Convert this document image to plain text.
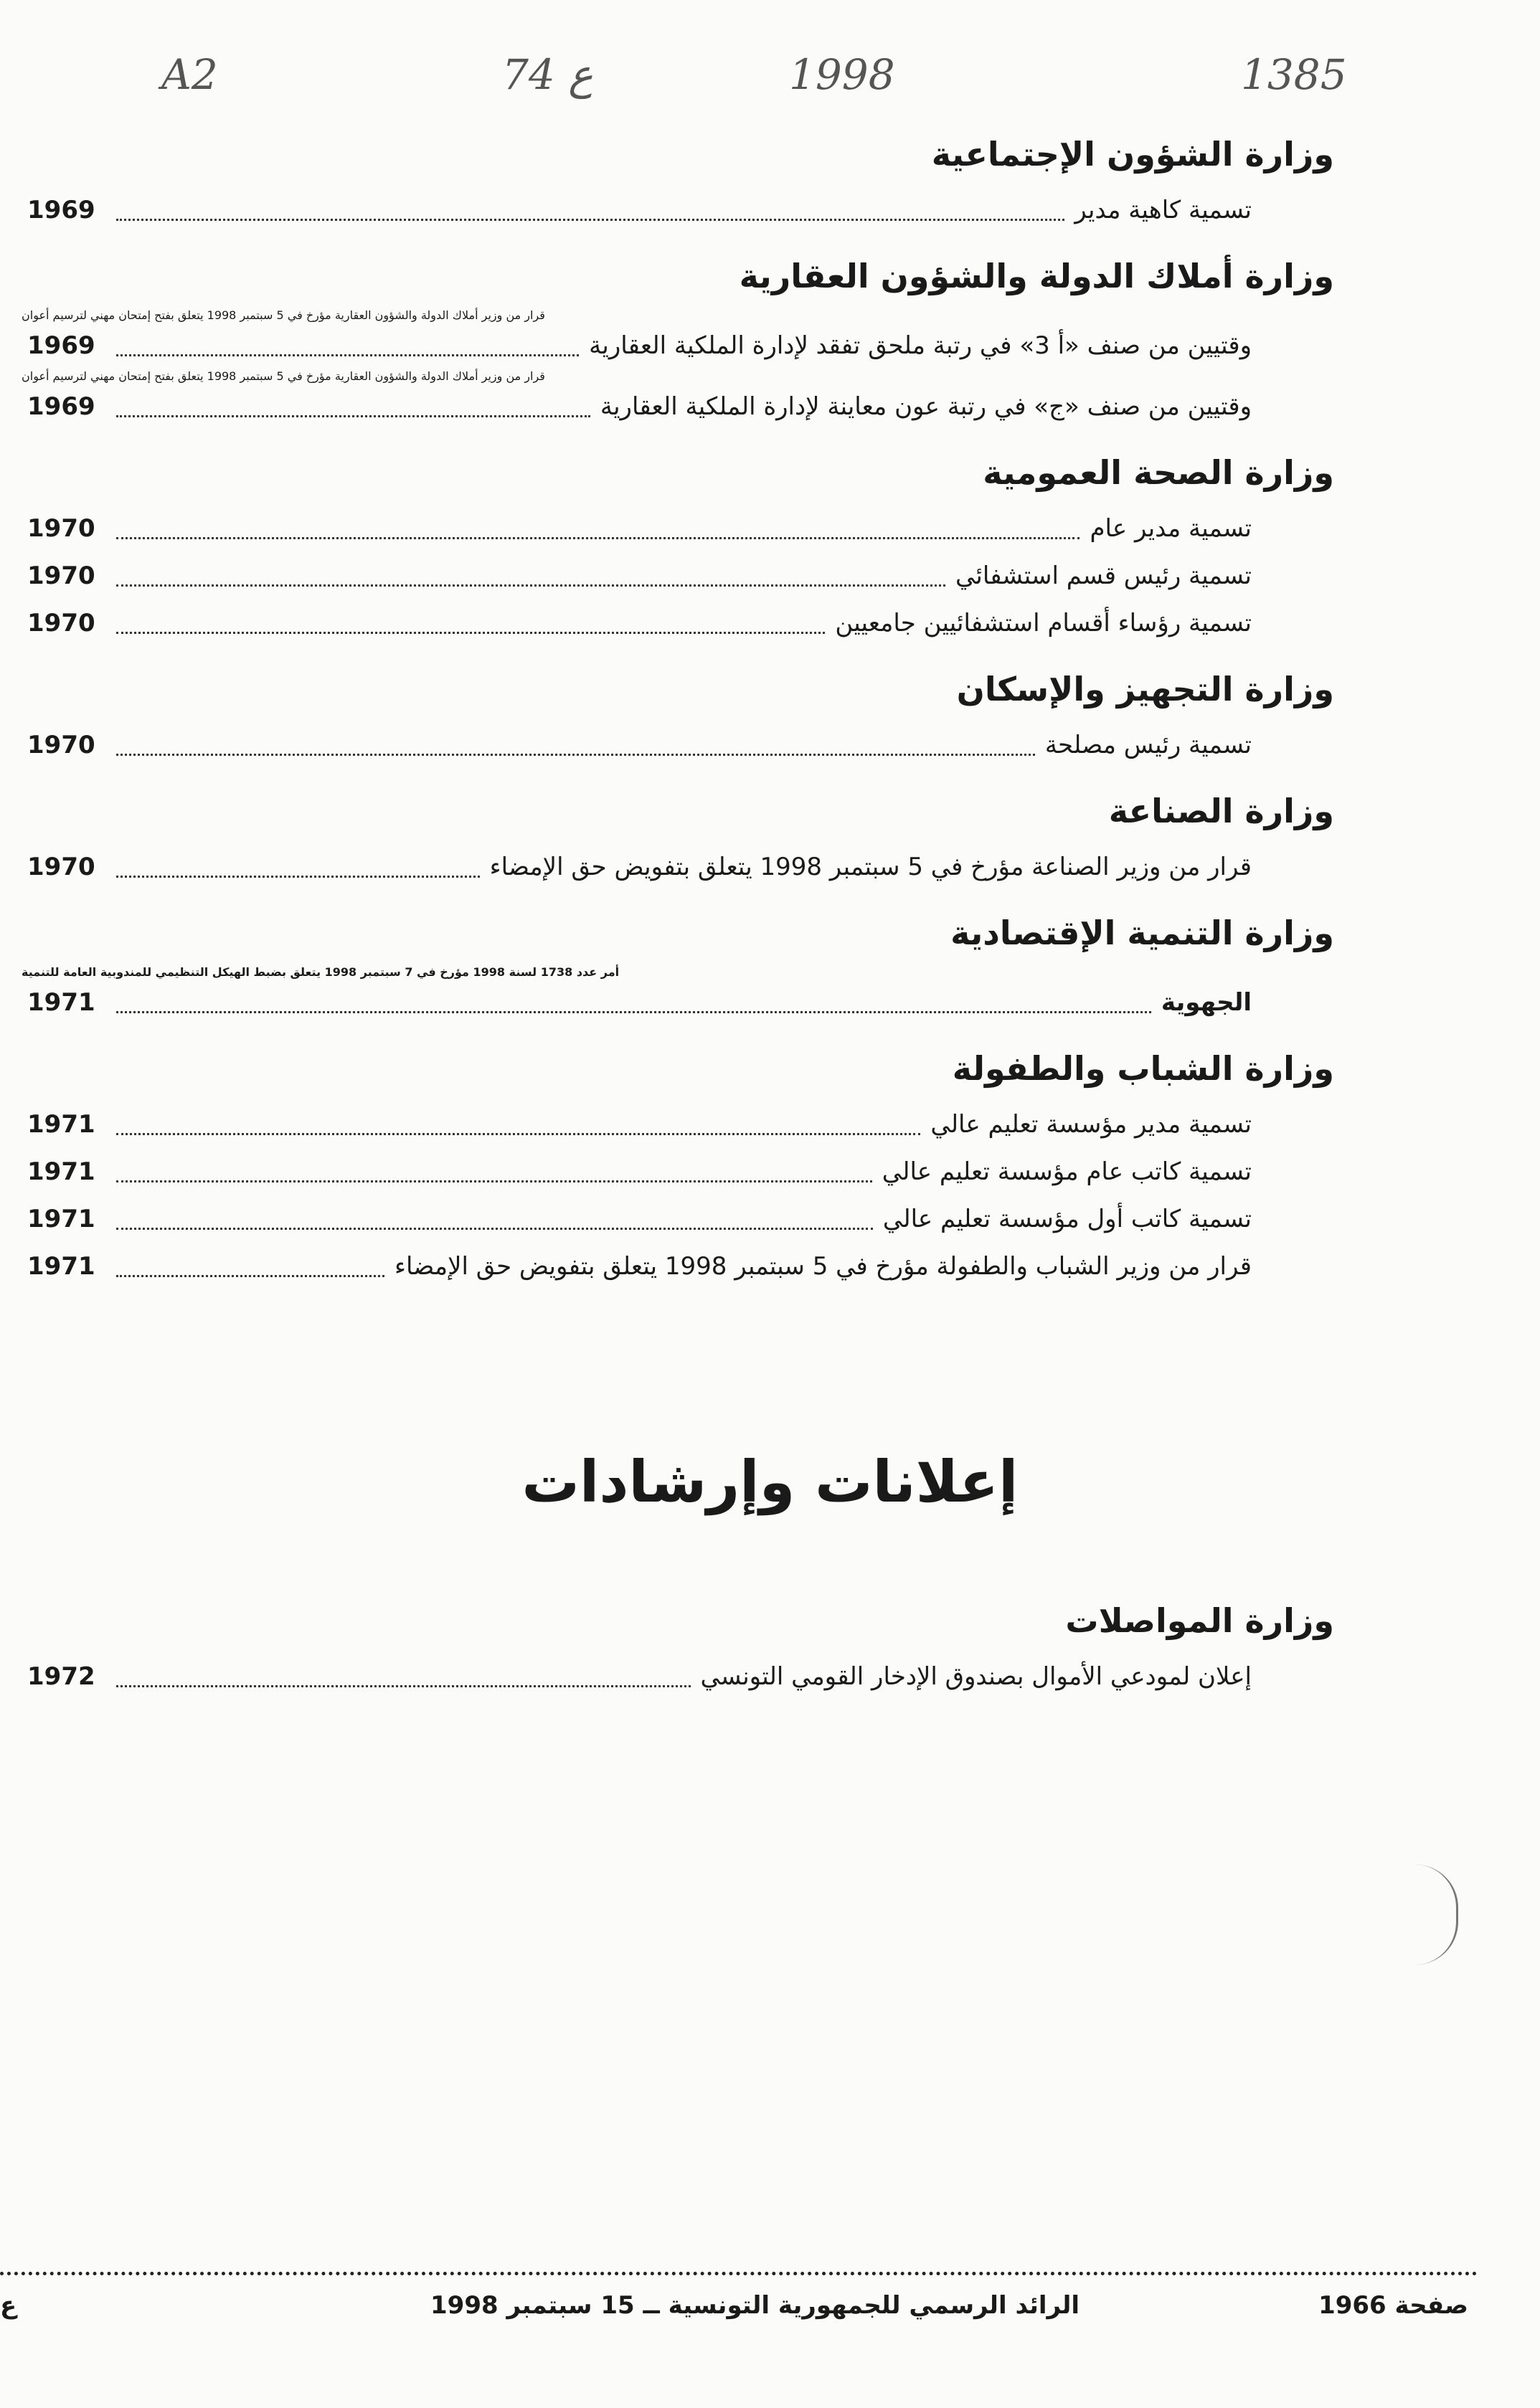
A2	74 ع	1998	1385
وزارة الشؤون الإجتماعية
1969	تسمية كاهية مدير
وزارة أملاك الدولة والشؤون العقارية
قرار من وزير أملاك الدولة والشؤون العقارية مؤرخ في 5 سبتمبر 1998 يتعلق بفتح إمتحان مهني لترسيم أعوان
1969	وقتيين من صنف «أ 3» في رتبة ملحق تفقد لإدارة الملكية العقارية
قرار من وزير أملاك الدولة والشؤون العقارية مؤرخ في 5 سبتمبر 1998 يتعلق بفتح إمتحان مهني لترسيم أعوان
1969	وقتيين من صنف «ج» في رتبة عون معاينة لإدارة الملكية العقارية
وزارة الصحة العمومية
1970	تسمية مدير عام
1970	تسمية رئيس قسم استشفائي
1970	تسمية رؤساء أقسام استشفائيين جامعيين
وزارة التجهيز والإسكان
1970	تسمية رئيس مصلحة
وزارة الصناعة
1970	قرار من وزير الصناعة مؤرخ في 5 سبتمبر 1998 يتعلق بتفويض حق الإمضاء
وزارة التنمية الإقتصادية
أمر عدد 1738 لسنة 1998 مؤرخ في 7 سبتمبر 1998 يتعلق بضبط الهيكل التنظيمي للمندوبية العامة للتنمية
1971	الجهوية
وزارة الشباب والطفولة
1971	تسمية مدير مؤسسة تعليم عالي
1971	تسمية كاتب عام مؤسسة تعليم عالي
1971	تسمية كاتب أول مؤسسة تعليم عالي
1971	قرار من وزير الشباب والطفولة مؤرخ في 5 سبتمبر 1998 يتعلق بتفويض حق الإمضاء
إعلانات وإرشادات
وزارة المواصلات
1972	إعلان لمودعي الأموال بصندوق الإدخار القومي التونسي
ع	الرائد الرسمي للجمهورية التونسية ــ 15 سبتمبر 1998	صفحة 1966
